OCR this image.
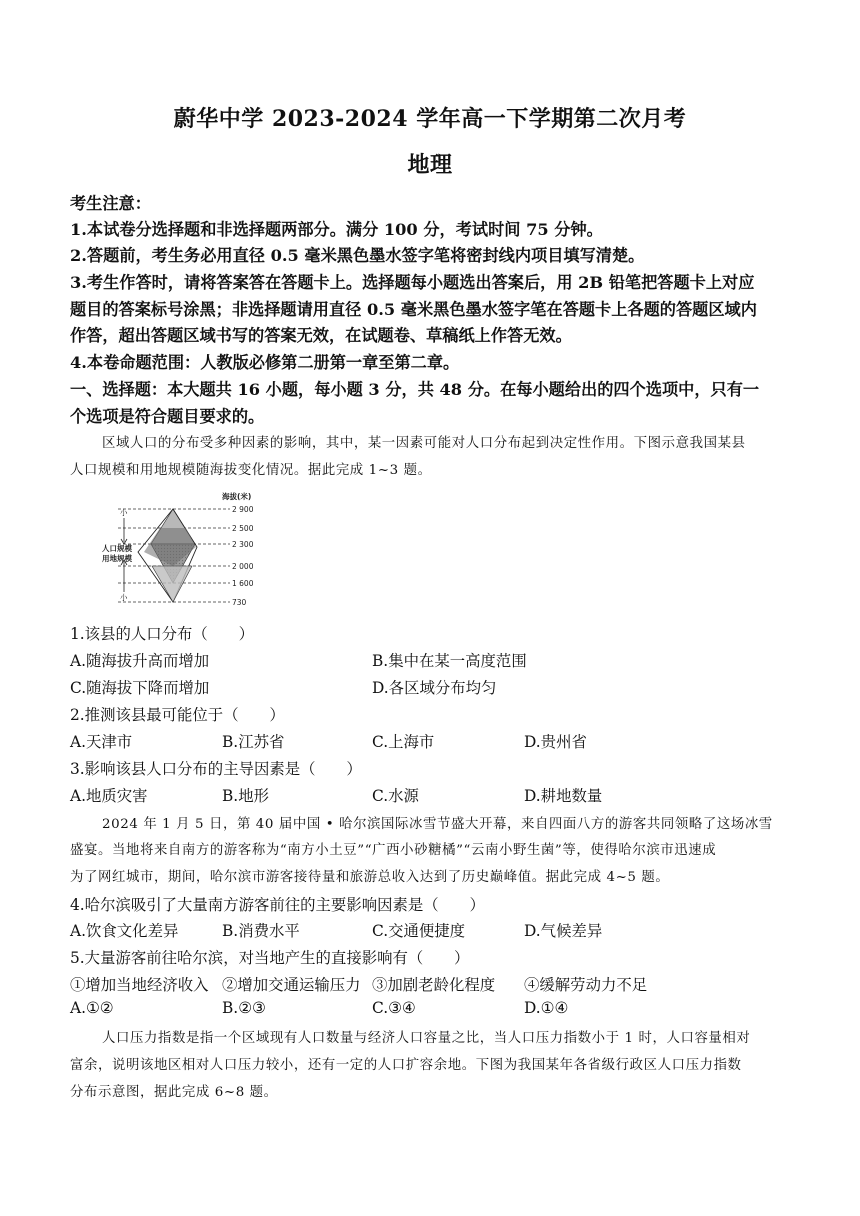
蔚华中学 2023-2024 学年高一下学期第二次月考
地理
考生注意：
1.本试卷分选择题和非选择题两部分。满分 100 分，考试时间 75 分钟。
2.答题前，考生务必用直径 0.5 毫米黑色墨水签字笔将密封线内项目填写清楚。
3.考生作答时，请将答案答在答题卡上。选择题每小题选出答案后，用 2B 铅笔把答题卡上对应
题目的答案标号涂黑；非选择题请用直径 0.5 毫米黑色墨水签字笔在答题卡上各题的答题区域内
作答，超出答题区域书写的答案无效，在试题卷、草稿纸上作答无效。
4.本卷命题范围：人教版必修第二册第一章至第二章。
一、选择题：本大题共 16 小题，每小题 3 分，共 48 分。在每小题给出的四个选项中，只有一
个选项是符合题目要求的。
区域人口的分布受多种因素的影响，其中，某一因素可能对人口分布起到决定性作用。下图示意我国某县
人口规模和用地规模随海拔变化情况。据此完成 1~3 题。
海拔(米)
小
小
人口规模
用地规模
2 900
2 500
2 300
2 000
1 600
730
1.该县的人口分布（　　）
A.随海拔升高而增加	B.集中在某一高度范围
C.随海拔下降而增加	D.各区域分布均匀
2.推测该县最可能位于（　　）
A.天津市	B.江苏省	C.上海市	D.贵州省
3.影响该县人口分布的主导因素是（　　）
A.地质灾害	B.地形	C.水源	D.耕地数量
2024 年 1 月 5 日，第 40 届中国 • 哈尔滨国际冰雪节盛大开幕，来自四面八方的游客共同领略了这场冰雪
盛宴。当地将来自南方的游客称为“南方小土豆”“广西小砂糖橘”“云南小野生菌”等，使得哈尔滨市迅速成
为了网红城市，期间，哈尔滨市游客接待量和旅游总收入达到了历史巅峰值。据此完成 4~5 题。
4.哈尔滨吸引了大量南方游客前往的主要影响因素是（　　）
A.饮食文化差异	B.消费水平	C.交通便捷度	D.气候差异
5.大量游客前往哈尔滨，对当地产生的直接影响有（　　）
①增加当地经济收入 ②增加交通运输压力 ③加剧老龄化程度 ④缓解劳动力不足
A.①②	B.②③	C.③④	D.①④
人口压力指数是指一个区域现有人口数量与经济人口容量之比，当人口压力指数小于 1 时，人口容量相对
富余，说明该地区相对人口压力较小，还有一定的人口扩容余地。下图为我国某年各省级行政区人口压力指数
分布示意图，据此完成 6~8 题。
